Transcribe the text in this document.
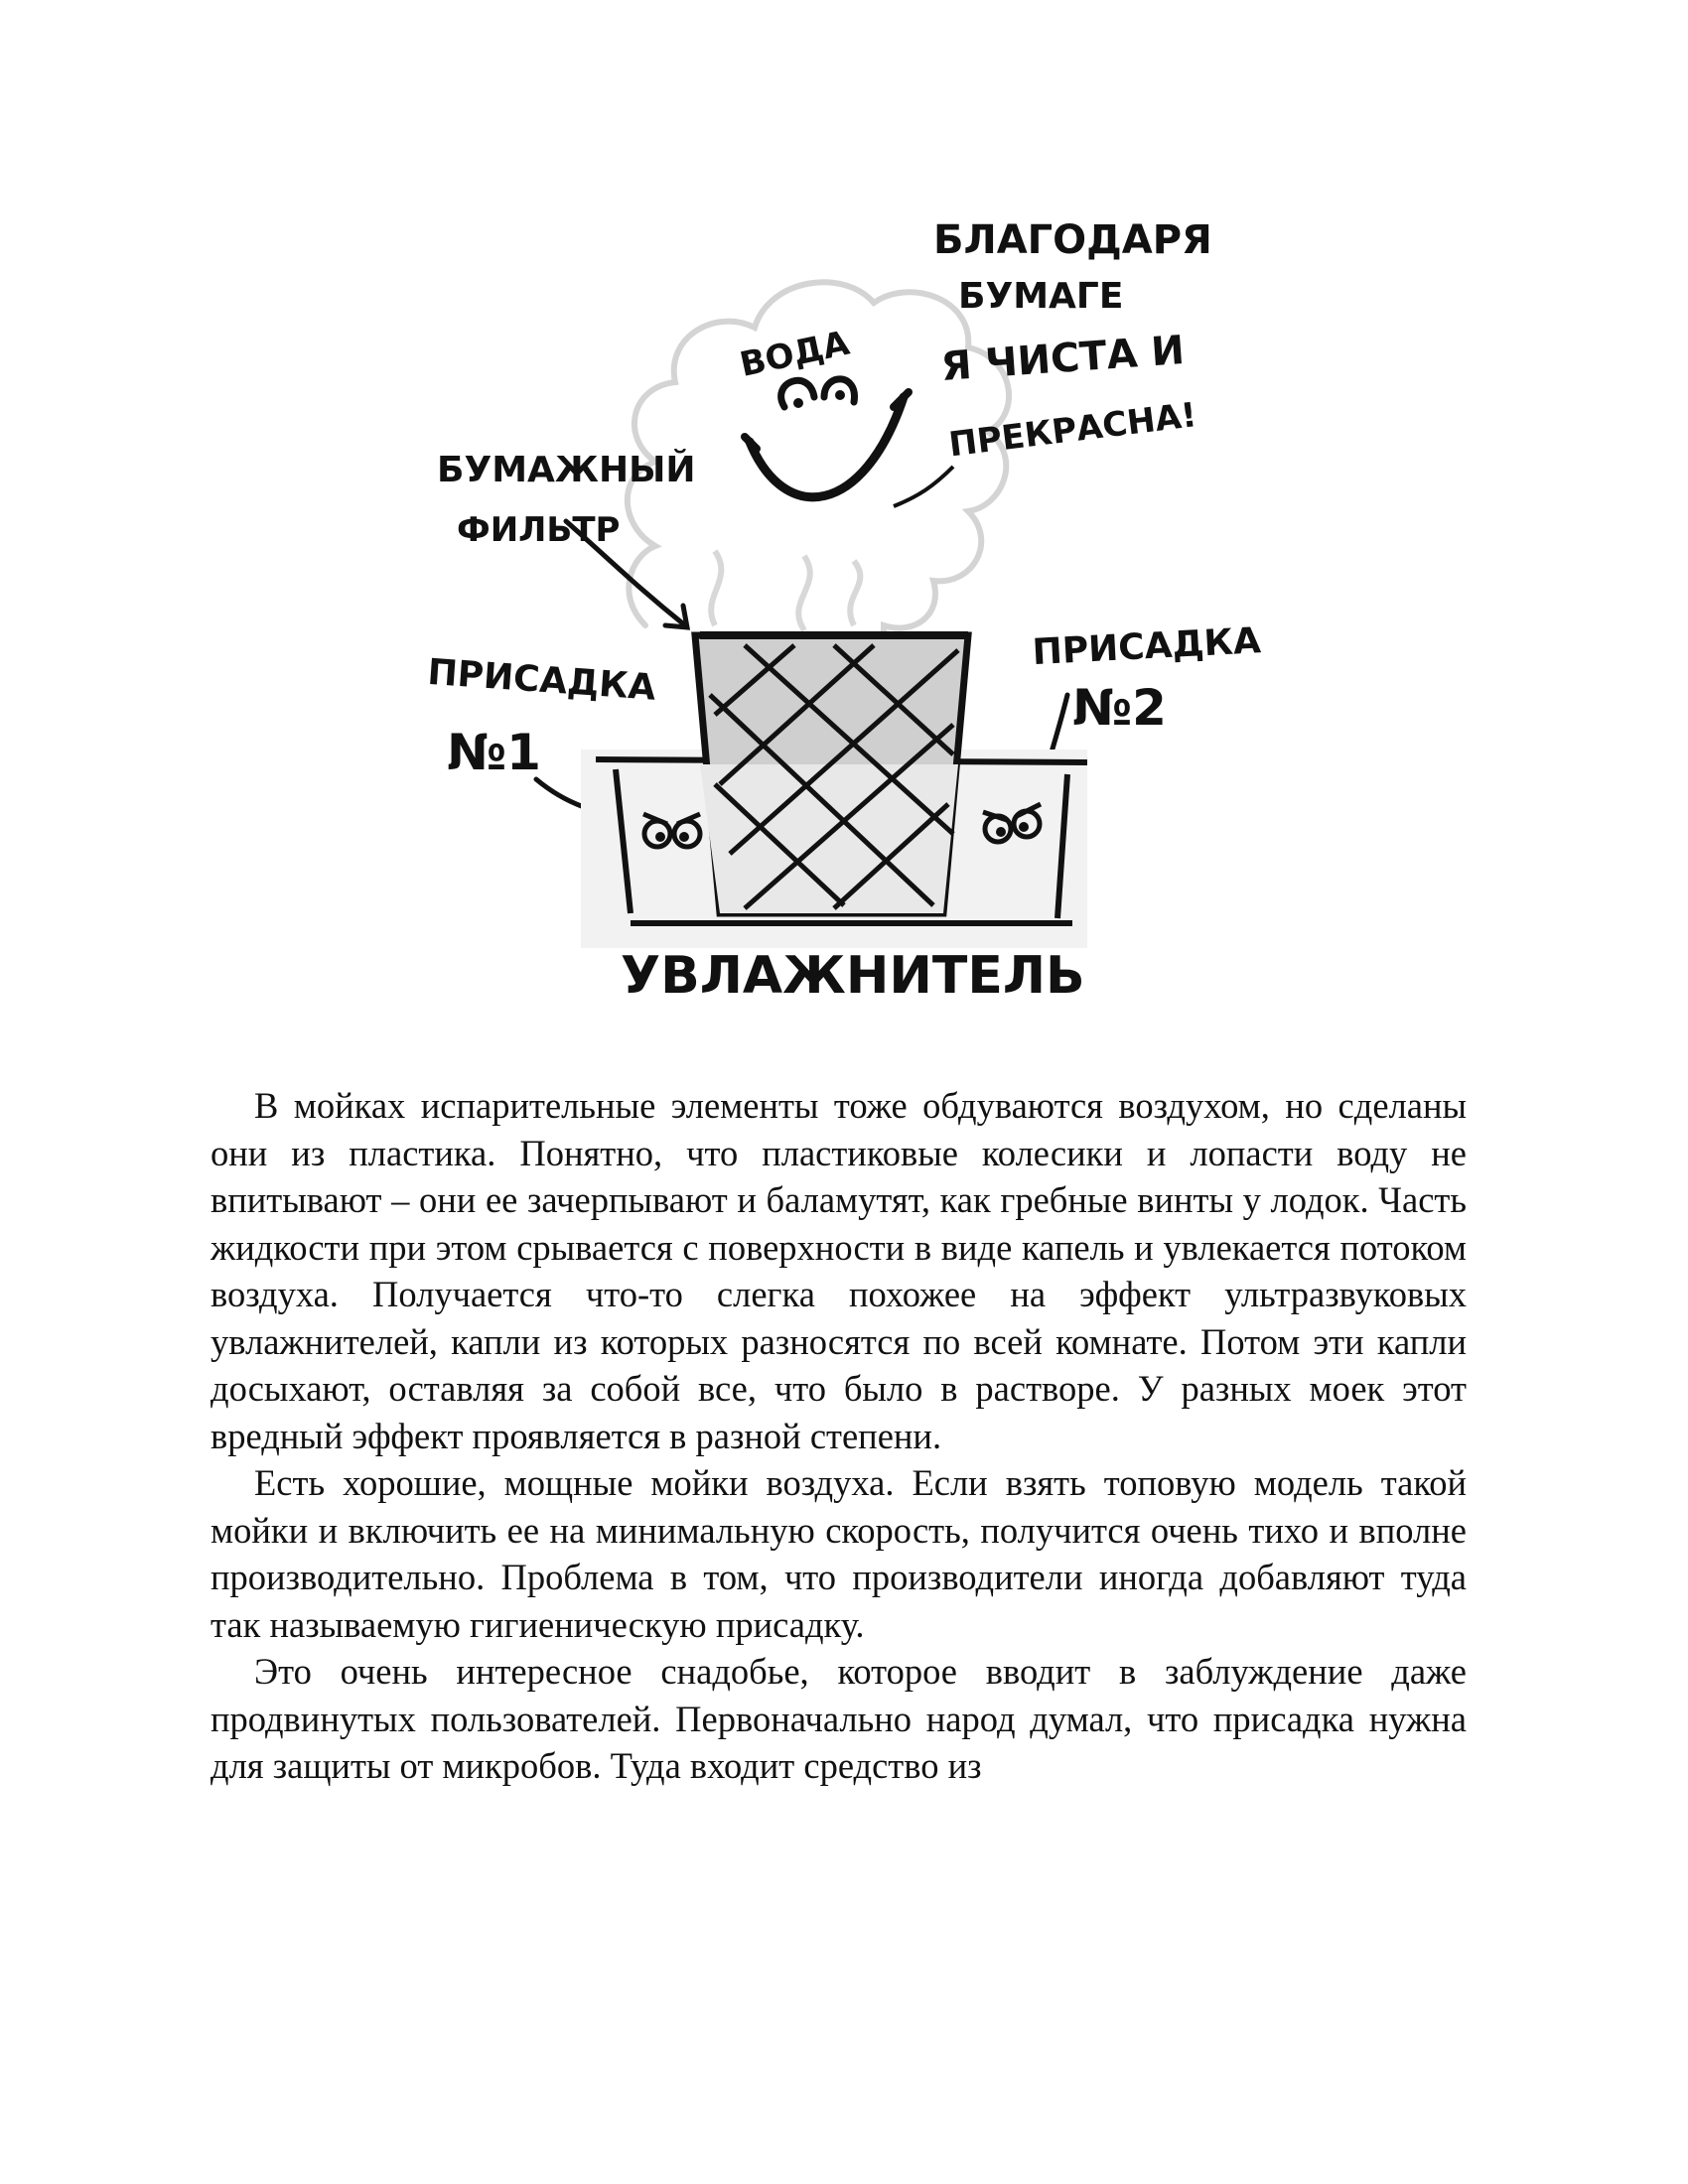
ВОДА
БЛАГОДАРЯ
БУМАГЕ
Я ЧИСТА И
ПРЕКРАСНА!
БУМАЖНЫЙ
ФИЛЬТР
ПРИСАДКА
№1
ПРИСАДКА
№2
УВЛАЖНИТЕЛЬ

В мойках испарительные элементы тоже обдуваются воздухом, но сделаны они из пластика. Понятно, что пластиковые колесики и лопасти воду не впитывают – они ее зачерпывают и баламутят, как гребные винты у лодок. Часть жидкости при этом срывается с поверхности в виде капель и увлекается потоком воздуха. Получается что-то слегка похожее на эффект ультразвуковых увлажнителей, капли из которых разносятся по всей комнате. Потом эти капли досыхают, оставляя за собой все, что было в растворе. У разных моек этот вредный эффект проявляется в разной степени.

Есть хорошие, мощные мойки воздуха. Если взять топовую модель такой мойки и включить ее на минимальную скорость, получится очень тихо и вполне производительно. Проблема в том, что производители иногда добавляют туда так называемую гигиеническую присадку.

Это очень интересное снадобье, которое вводит в заблуждение даже продвинутых пользователей. Первоначально народ думал, что присадка нужна для защиты от микробов. Туда входит средство из
